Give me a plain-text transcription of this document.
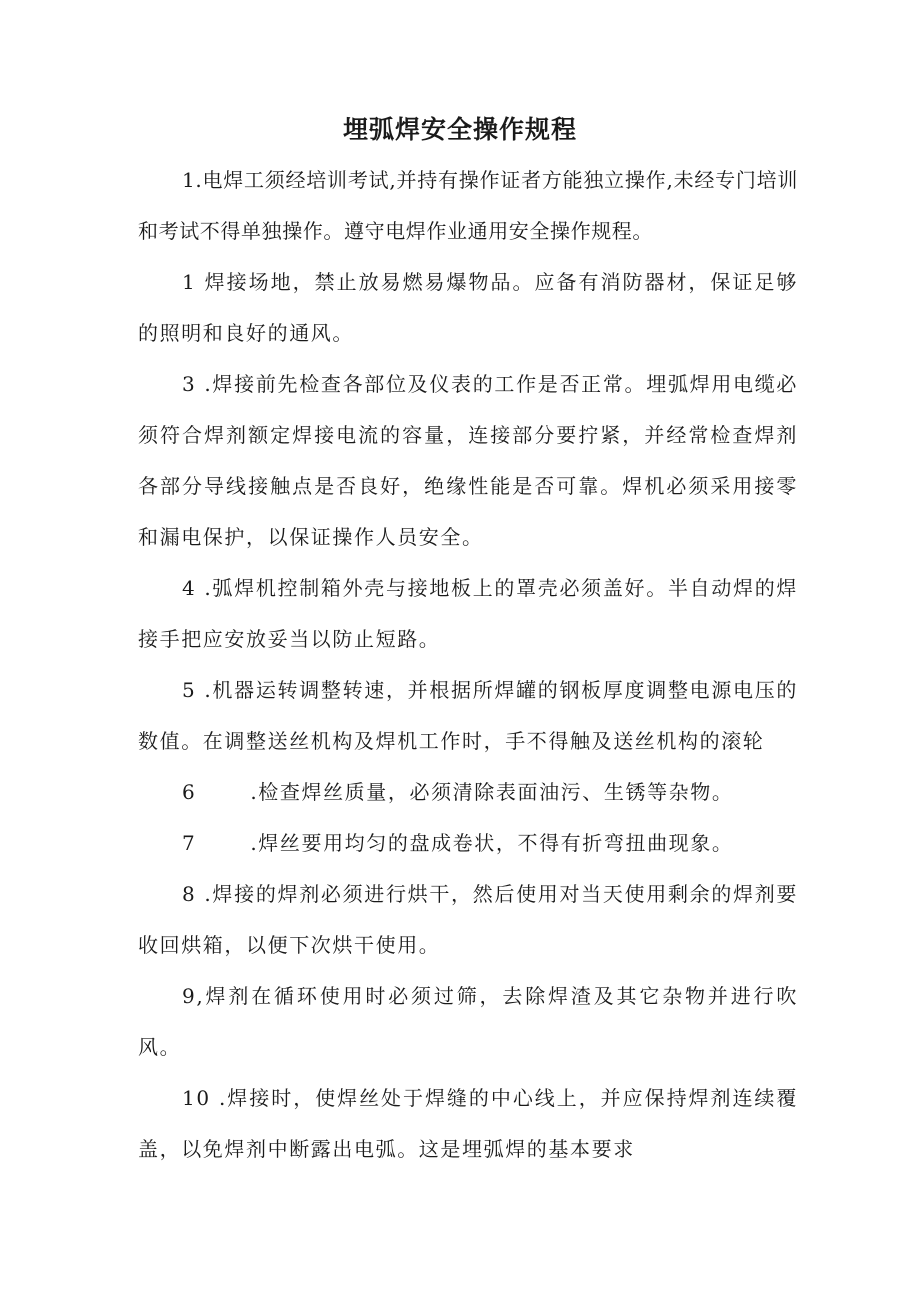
埋弧焊安全操作规程

1.电焊工须经培训考试,并持有操作证者方能独立操作,未经专门培训和考试不得单独操作。遵守电焊作业通用安全操作规程。

1 焊接场地，禁止放易燃易爆物品。应备有消防器材，保证足够的照明和良好的通风。

3 .焊接前先检查各部位及仪表的工作是否正常。埋弧焊用电缆必须符合焊剂额定焊接电流的容量，连接部分要拧紧，并经常检查焊剂各部分导线接触点是否良好，绝缘性能是否可靠。焊机必须采用接零和漏电保护，以保证操作人员安全。

4 .弧焊机控制箱外壳与接地板上的罩壳必须盖好。半自动焊的焊接手把应安放妥当以防止短路。

5 .机器运转调整转速，并根据所焊罐的钢板厚度调整电源电压的数值。在调整送丝机构及焊机工作时，手不得触及送丝机构的滚轮

6	.检查焊丝质量，必须清除表面油污、生锈等杂物。

7	.焊丝要用均匀的盘成卷状，不得有折弯扭曲现象。

8 .焊接的焊剂必须进行烘干，然后使用对当天使用剩余的焊剂要收回烘箱，以便下次烘干使用。

9,焊剂在循环使用时必须过筛，去除焊渣及其它杂物并进行吹风。

10 .焊接时，使焊丝处于焊缝的中心线上，并应保持焊剂连续覆盖，以免焊剂中断露出电弧。这是埋弧焊的基本要求
